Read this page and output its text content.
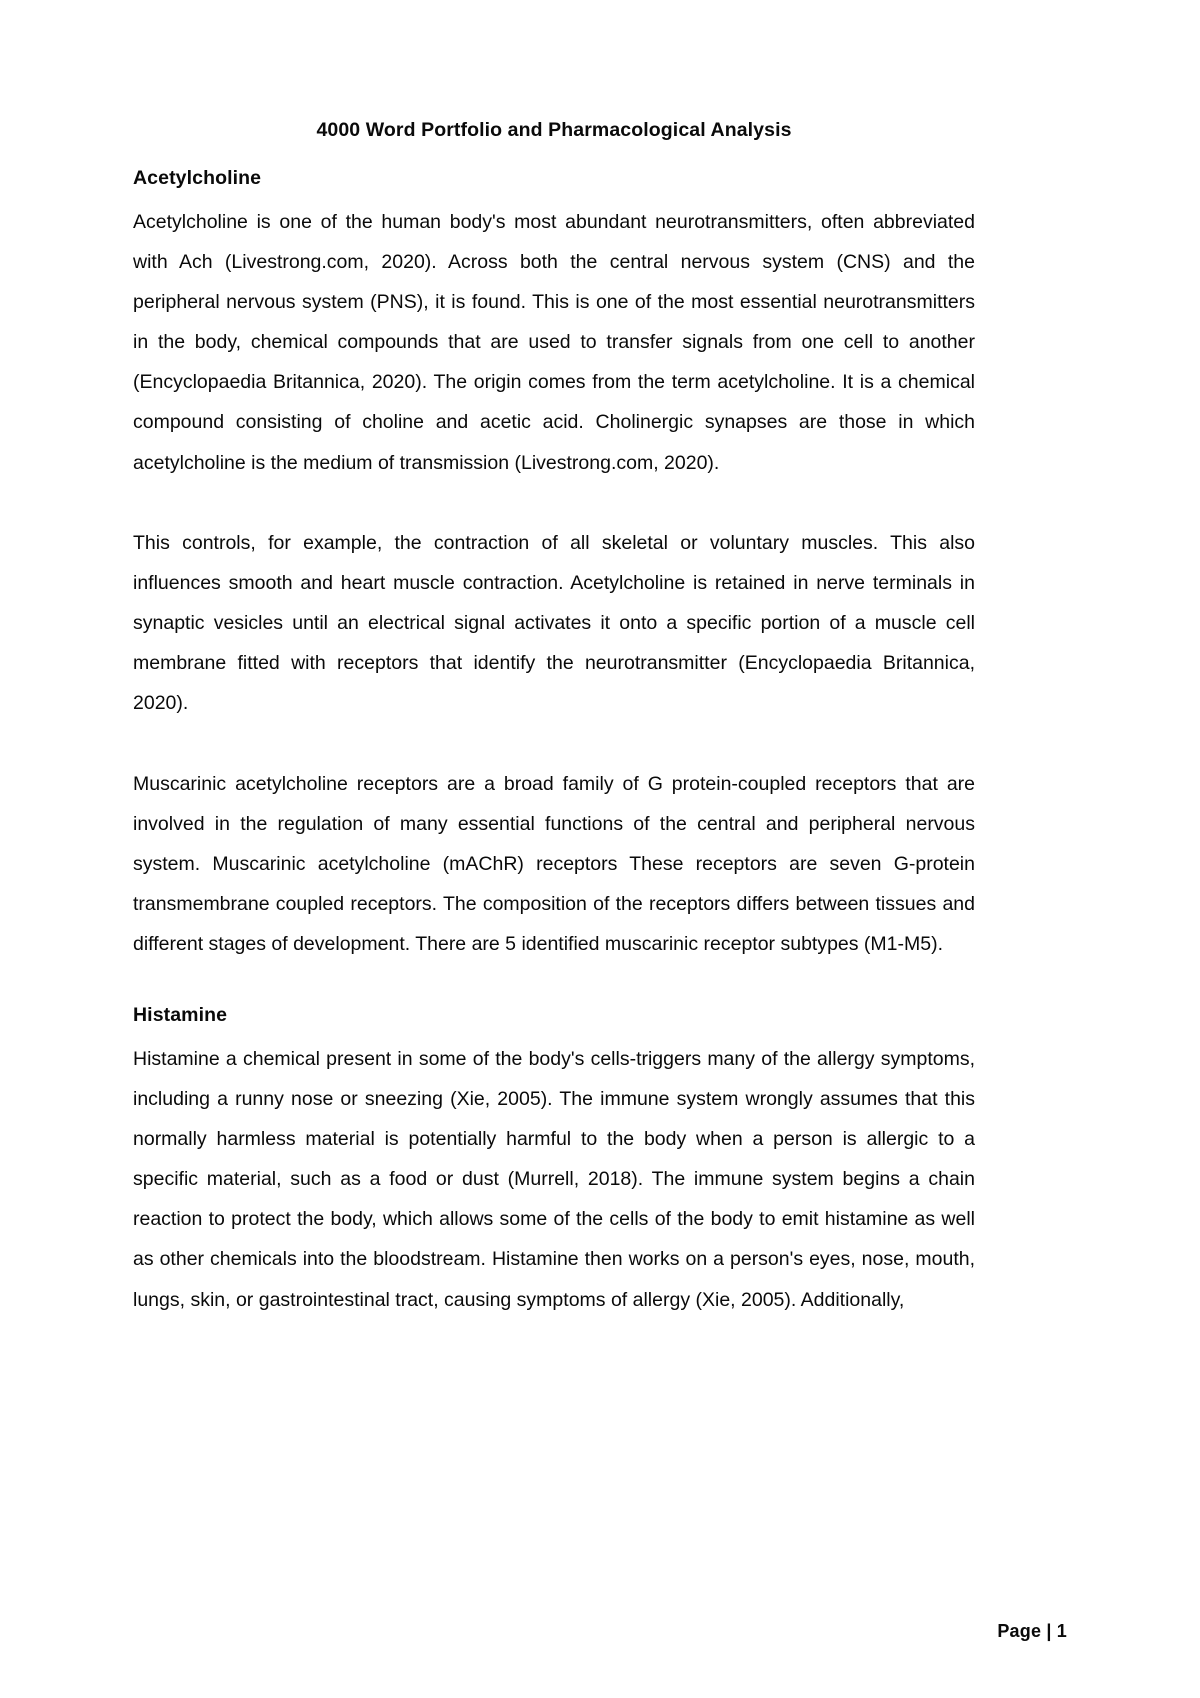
4000 Word Portfolio and Pharmacological Analysis
Acetylcholine

Acetylcholine is one of the human body's most abundant neurotransmitters, often abbreviated with Ach (Livestrong.com, 2020). Across both the central nervous system (CNS) and the peripheral nervous system (PNS), it is found. This is one of the most essential neurotransmitters in the body, chemical compounds that are used to transfer signals from one cell to another (Encyclopaedia Britannica, 2020). The origin comes from the term acetylcholine. It is a chemical compound consisting of choline and acetic acid. Cholinergic synapses are those in which acetylcholine is the medium of transmission (Livestrong.com, 2020).

This controls, for example, the contraction of all skeletal or voluntary muscles. This also influences smooth and heart muscle contraction. Acetylcholine is retained in nerve terminals in synaptic vesicles until an electrical signal activates it onto a specific portion of a muscle cell membrane fitted with receptors that identify the neurotransmitter (Encyclopaedia Britannica, 2020).

Muscarinic acetylcholine receptors are a broad family of G protein-coupled receptors that are involved in the regulation of many essential functions of the central and peripheral nervous system. Muscarinic acetylcholine (mAChR) receptors These receptors are seven G-protein transmembrane coupled receptors. The composition of the receptors differs between tissues and different stages of development. There are 5 identified muscarinic receptor subtypes (M1-M5).

Histamine

Histamine a chemical present in some of the body's cells-triggers many of the allergy symptoms, including a runny nose or sneezing (Xie, 2005). The immune system wrongly assumes that this normally harmless material is potentially harmful to the body when a person is allergic to a specific material, such as a food or dust (Murrell, 2018). The immune system begins a chain reaction to protect the body, which allows some of the cells of the body to emit histamine as well as other chemicals into the bloodstream. Histamine then works on a person's eyes, nose, mouth, lungs, skin, or gastrointestinal tract, causing symptoms of allergy (Xie, 2005). Additionally,

Page | 1
